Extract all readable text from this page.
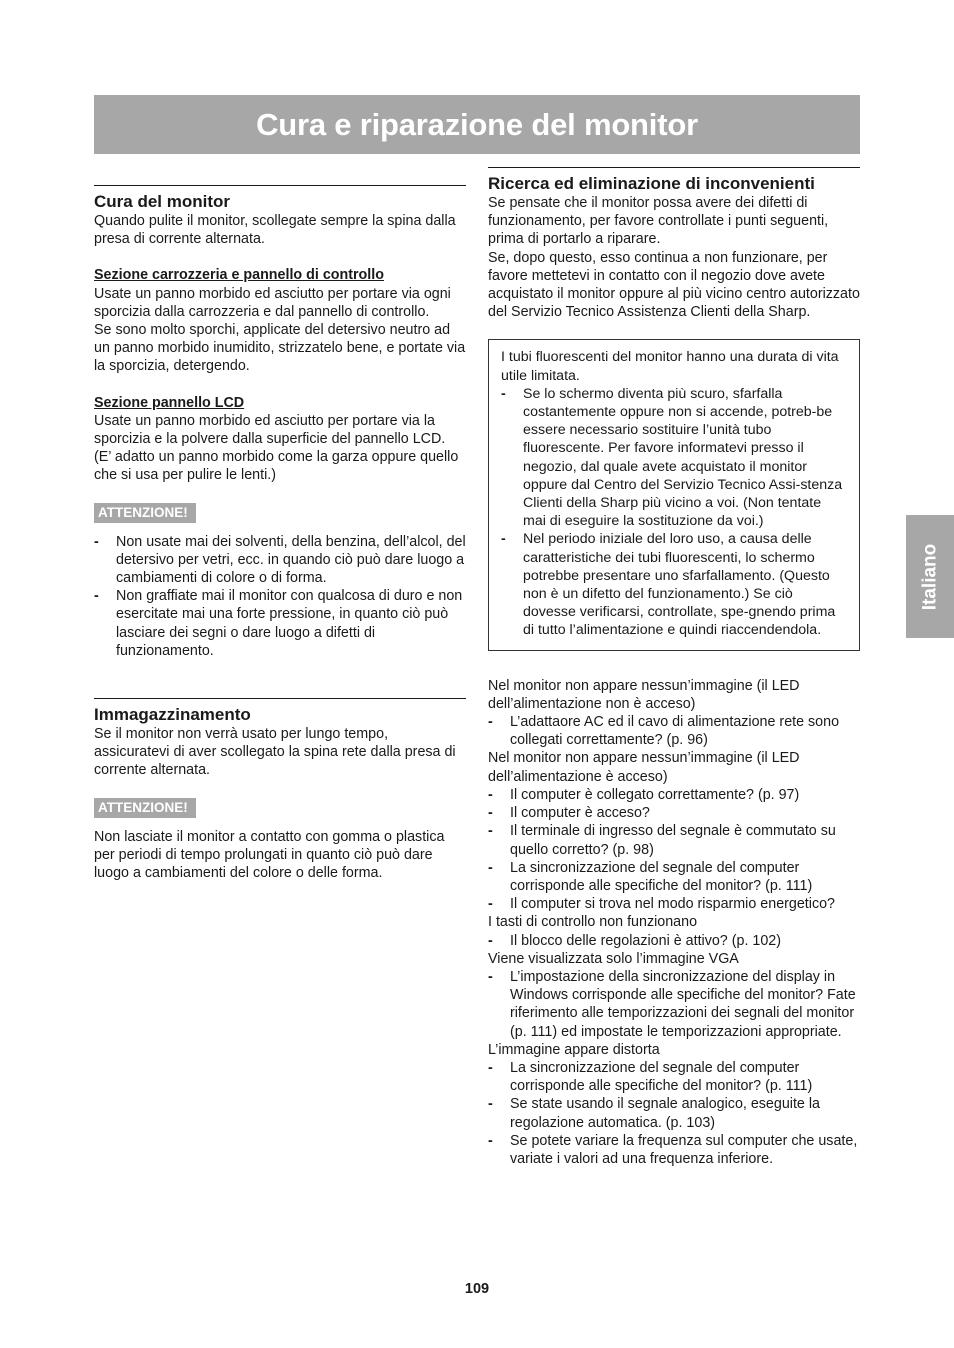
Cura e riparazione del monitor
Cura del monitor

Quando pulite il monitor, scollegate sempre la spina dalla presa di corrente alternata.

Sezione carrozzeria e pannello di controllo

Usate un panno morbido ed asciutto per portare via ogni sporcizia dalla carrozzeria e dal pannello di controllo.

Se sono molto sporchi, applicate del detersivo neutro ad un panno morbido inumidito, strizzatelo bene, e portate via la sporcizia, detergendo.

Sezione pannello LCD

Usate un panno morbido ed asciutto per portare via la sporcizia e la polvere dalla superficie del pannello LCD. (E’ adatto un panno morbido come la garza oppure quello che si usa per pulire le lenti.)

ATTENZIONE!
- Non usate mai dei solventi, della benzina, dell’alcol, del detersivo per vetri, ecc. in quando ciò può dare luogo a cambiamenti di colore o di forma.
- Non graffiate mai il monitor con qualcosa di duro e non esercitate mai una forte pressione, in quanto ciò può lasciare dei segni o dare luogo a difetti di funzionamento.
Immagazzinamento

Se il monitor non verrà usato per lungo tempo, assicuratevi di aver scollegato la spina rete dalla presa di corrente alternata.

ATTENZIONE!

Non lasciate il monitor a contatto con gomma o plastica per periodi di tempo prolungati in quanto ciò può dare luogo a cambiamenti del colore o delle forma.

Ricerca ed eliminazione di inconvenienti

Se pensate che il monitor possa avere dei difetti di funzionamento, per favore controllate i punti seguenti, prima di portarlo a riparare.

Se, dopo questo, esso continua a non funzionare, per favore mettetevi in contatto con il negozio dove avete acquistato il monitor oppure al più vicino centro autorizzato del Servizio Tecnico Assistenza Clienti della Sharp.

I tubi fluorescenti del monitor hanno una durata di vita utile limitata.

- Se lo schermo diventa più scuro, sfarfalla costantemente oppure non si accende, potreb-be essere necessario sostituire l’unità tubo fluorescente. Per favore informatevi presso il negozio, dal quale avete acquistato il monitor oppure dal Centro del Servizio Tecnico Assi-stenza Clienti della Sharp più vicino a voi. (Non tentate mai di eseguire la sostituzione da voi.)
- Nel periodo iniziale del loro uso, a causa delle caratteristiche dei tubi fluorescenti, lo schermo potrebbe presentare uno sfarfallamento. (Questo non è un difetto del funzionamento.) Se ciò dovesse verificarsi, controllate, spe-gnendo prima di tutto l’alimentazione e quindi riaccendendola.

Nel monitor non appare nessun’immagine (il LED dell’alimentazione non è acceso)

- L’adattaore AC ed il cavo di alimentazione rete sono collegati correttamente? (p. 96)

Nel monitor non appare nessun’immagine (il LED dell’alimentazione è acceso)

- Il computer è collegato correttamente? (p. 97)
- Il computer è acceso?
- Il terminale di ingresso del segnale è commutato su quello corretto? (p. 98)
- La sincronizzazione del segnale del computer corrisponde alle specifiche del monitor? (p. 111)
- Il computer si trova nel modo risparmio energetico?

I tasti di controllo non funzionano

- Il blocco delle regolazioni è attivo? (p. 102)

Viene visualizzata solo l’immagine VGA

- L’impostazione della sincronizzazione del display in Windows corrisponde alle specifiche del monitor? Fate riferimento alle temporizzazioni dei segnali del monitor (p. 111) ed impostate le temporizzazioni appropriate.

L’immagine appare distorta

- La sincronizzazione del segnale del computer corrisponde alle specifiche del monitor? (p. 111)
- Se state usando il segnale analogico, eseguite la regolazione automatica. (p. 103)
- Se potete variare la frequenza sul computer che usate, variate i valori ad una frequenza inferiore.
Italiano
109
